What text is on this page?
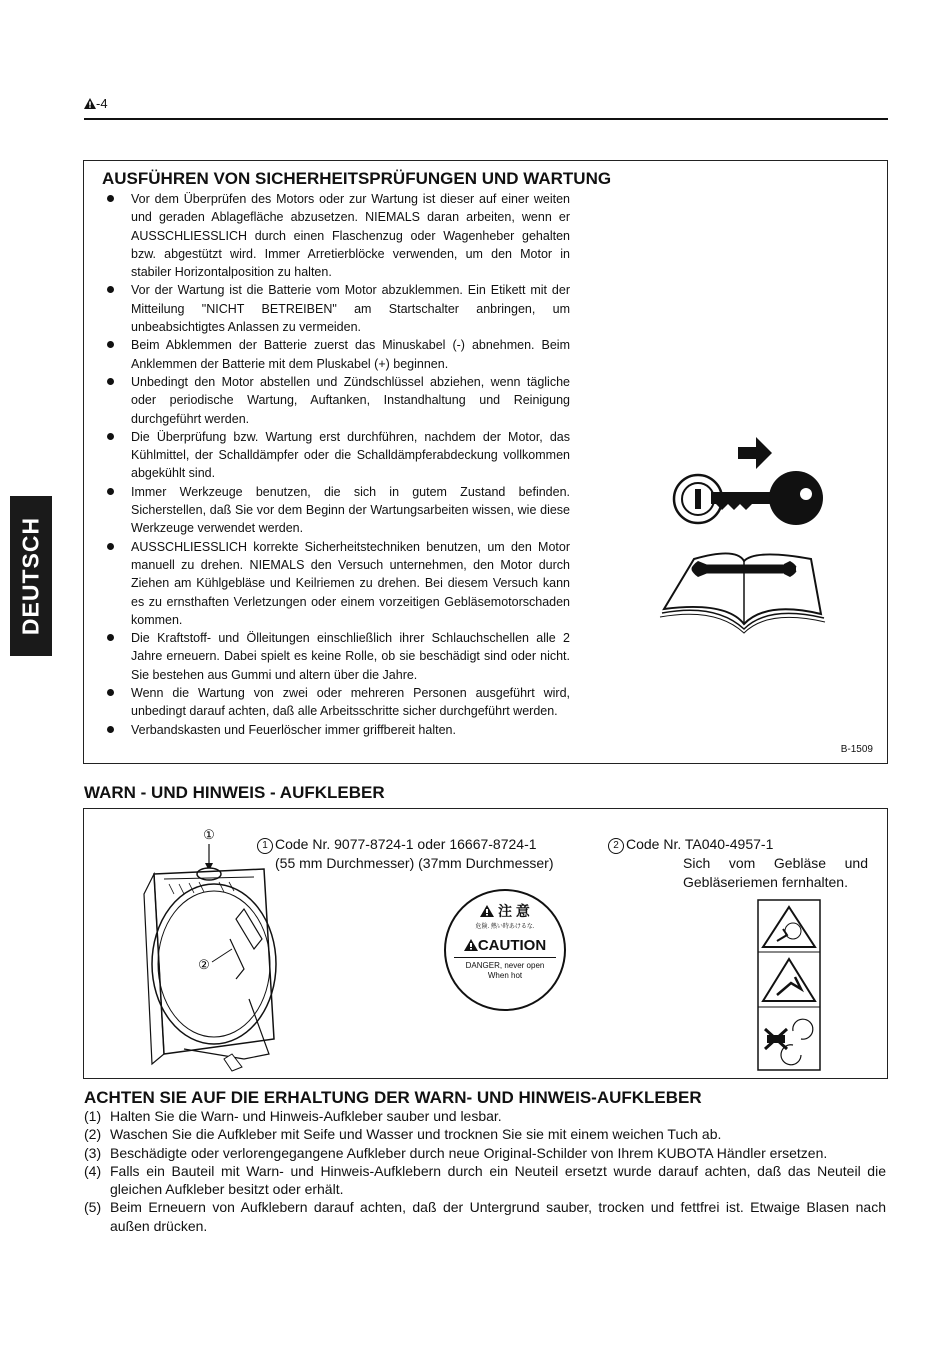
-4
DEUTSCH
AUSFÜHREN VON SICHERHEITSPRÜFUNGEN UND WARTUNG
Vor dem Überprüfen des Motors oder zur Wartung ist dieser auf einer weiten und geraden Ablagefläche abzusetzen. NIEMALS daran arbeiten, wenn er AUSSCHLIESSLICH durch einen Flaschenzug oder Wagenheber gehalten bzw. abgestützt wird. Immer Arretierblöcke verwenden, um den Motor in stabiler Horizontalposition zu halten.
Vor der Wartung ist die Batterie vom Motor abzuklemmen. Ein Etikett mit der Mitteilung "NICHT BETREIBEN" am Startschalter anbringen, um unbeabsichtigtes Anlassen zu vermeiden.
Beim Abklemmen der Batterie zuerst das Minuskabel (-) abnehmen. Beim Anklemmen der Batterie mit dem Pluskabel (+) beginnen.
Unbedingt den Motor abstellen und Zündschlüssel abziehen, wenn tägliche oder periodische Wartung, Auftanken, Instandhaltung und Reinigung durchgeführt werden.
Die Überprüfung bzw. Wartung erst durchführen, nachdem der Motor, das Kühlmittel, der Schalldämpfer oder die Schalldämpferabdeckung vollkommen abgekühlt sind.
Immer Werkzeuge benutzen, die sich in gutem Zustand befinden. Sicherstellen, daß Sie vor dem Beginn der Wartungsarbeiten wissen, wie diese Werkzeuge verwendet werden.
AUSSCHLIESSLICH korrekte Sicherheitstechniken benutzen, um den Motor manuell zu drehen. NIEMALS den Versuch unternehmen, den Motor durch Ziehen am Kühlgebläse und Keilriemen zu drehen. Bei diesem Versuch kann es zu ernsthaften Verletzungen oder einem vorzeitigen Gebläsemotorschaden kommen.
Die Kraftstoff- und Ölleitungen einschließlich ihrer Schlauchschellen alle 2 Jahre erneuern. Dabei spielt es keine Rolle, ob sie beschädigt sind oder nicht. Sie bestehen aus Gummi und altern über die Jahre.
Wenn die Wartung von zwei oder mehreren Personen ausgeführt wird, unbedingt darauf achten, daß alle Arbeitsschritte sicher durchgeführt werden.
Verbandskasten und Feuerlöscher immer griffbereit halten.
B-1509
WARN - UND HINWEIS - AUFKLEBER
①
②
1 Code Nr. 9077-8724-1 oder 16667-8724-1
(55 mm Durchmesser) (37mm Durchmesser)
2 Code Nr. TA040-4957-1
Sich vom Gebläse und Gebläseriemen fernhalten.
注 意
危険. 熱い時あけるな.
CAUTION
DANGER, never open
When hot
ACHTEN SIE AUF DIE ERHALTUNG DER WARN- UND HINWEIS-AUFKLEBER
(1) Halten Sie die Warn- und Hinweis-Aufkleber sauber und lesbar.
(2) Waschen Sie die Aufkleber mit Seife und Wasser und trocknen Sie sie mit einem weichen Tuch ab.
(3) Beschädigte oder verlorengegangene Aufkleber durch neue Original-Schilder von Ihrem KUBOTA Händler ersetzen.
(4) Falls ein Bauteil mit Warn- und Hinweis-Aufklebern durch ein Neuteil ersetzt wurde darauf achten, daß das Neuteil die gleichen Aufkleber besitzt oder erhält.
(5) Beim Erneuern von Aufklebern darauf achten, daß der Untergrund sauber, trocken und fettfrei ist. Etwaige Blasen nach außen drücken.
